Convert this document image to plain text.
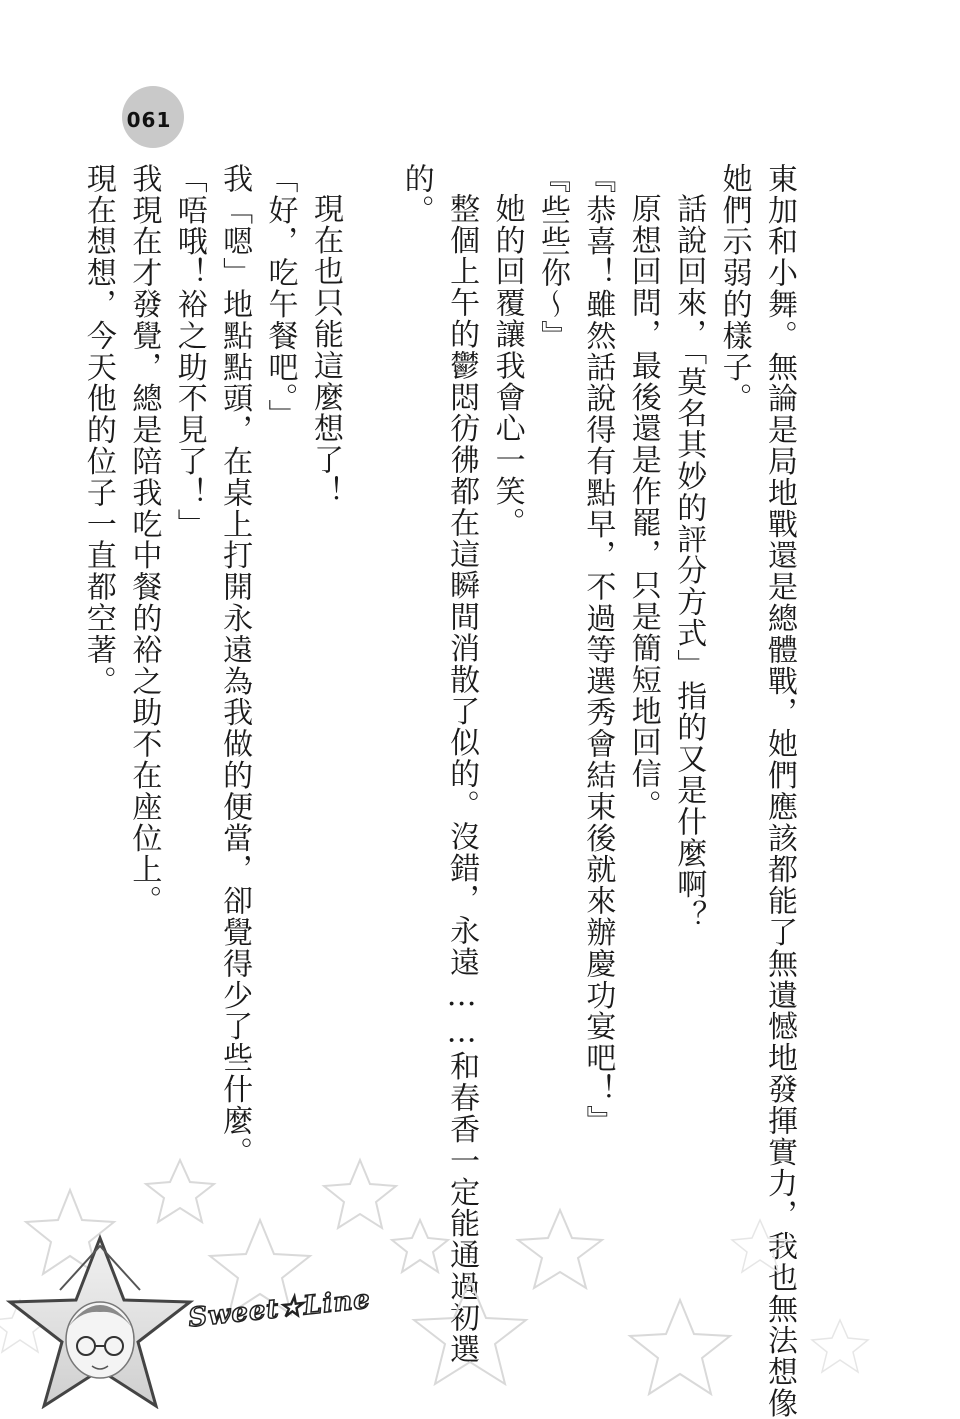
061
東加和小舞。無論是局地戰還是總體戰，她們應該都能了無遺憾地發揮實力，我也無法想像
她們示弱的樣子。
話說回來，「莫名其妙的評分方式」指的又是什麼啊？
原想回問，最後還是作罷，只是簡短地回信。
『恭喜！雖然話說得有點早，不過等選秀會結束後就來辦慶功宴吧！』
『些些你～』
她的回覆讓我會心一笑。
整個上午的鬱悶彷彿都在這瞬間消散了似的。沒錯，永遠……和春香一定能通過初選
的。
現在也只能這麼想了！
「好，吃午餐吧。」
我「嗯」地點點頭，在桌上打開永遠為我做的便當，卻覺得少了些什麼。
「唔哦！裕之助不見了！」
我現在才發覺，總是陪我吃中餐的裕之助不在座位上。
現在想想，今天他的位子一直都空著。
Sweet★Line
